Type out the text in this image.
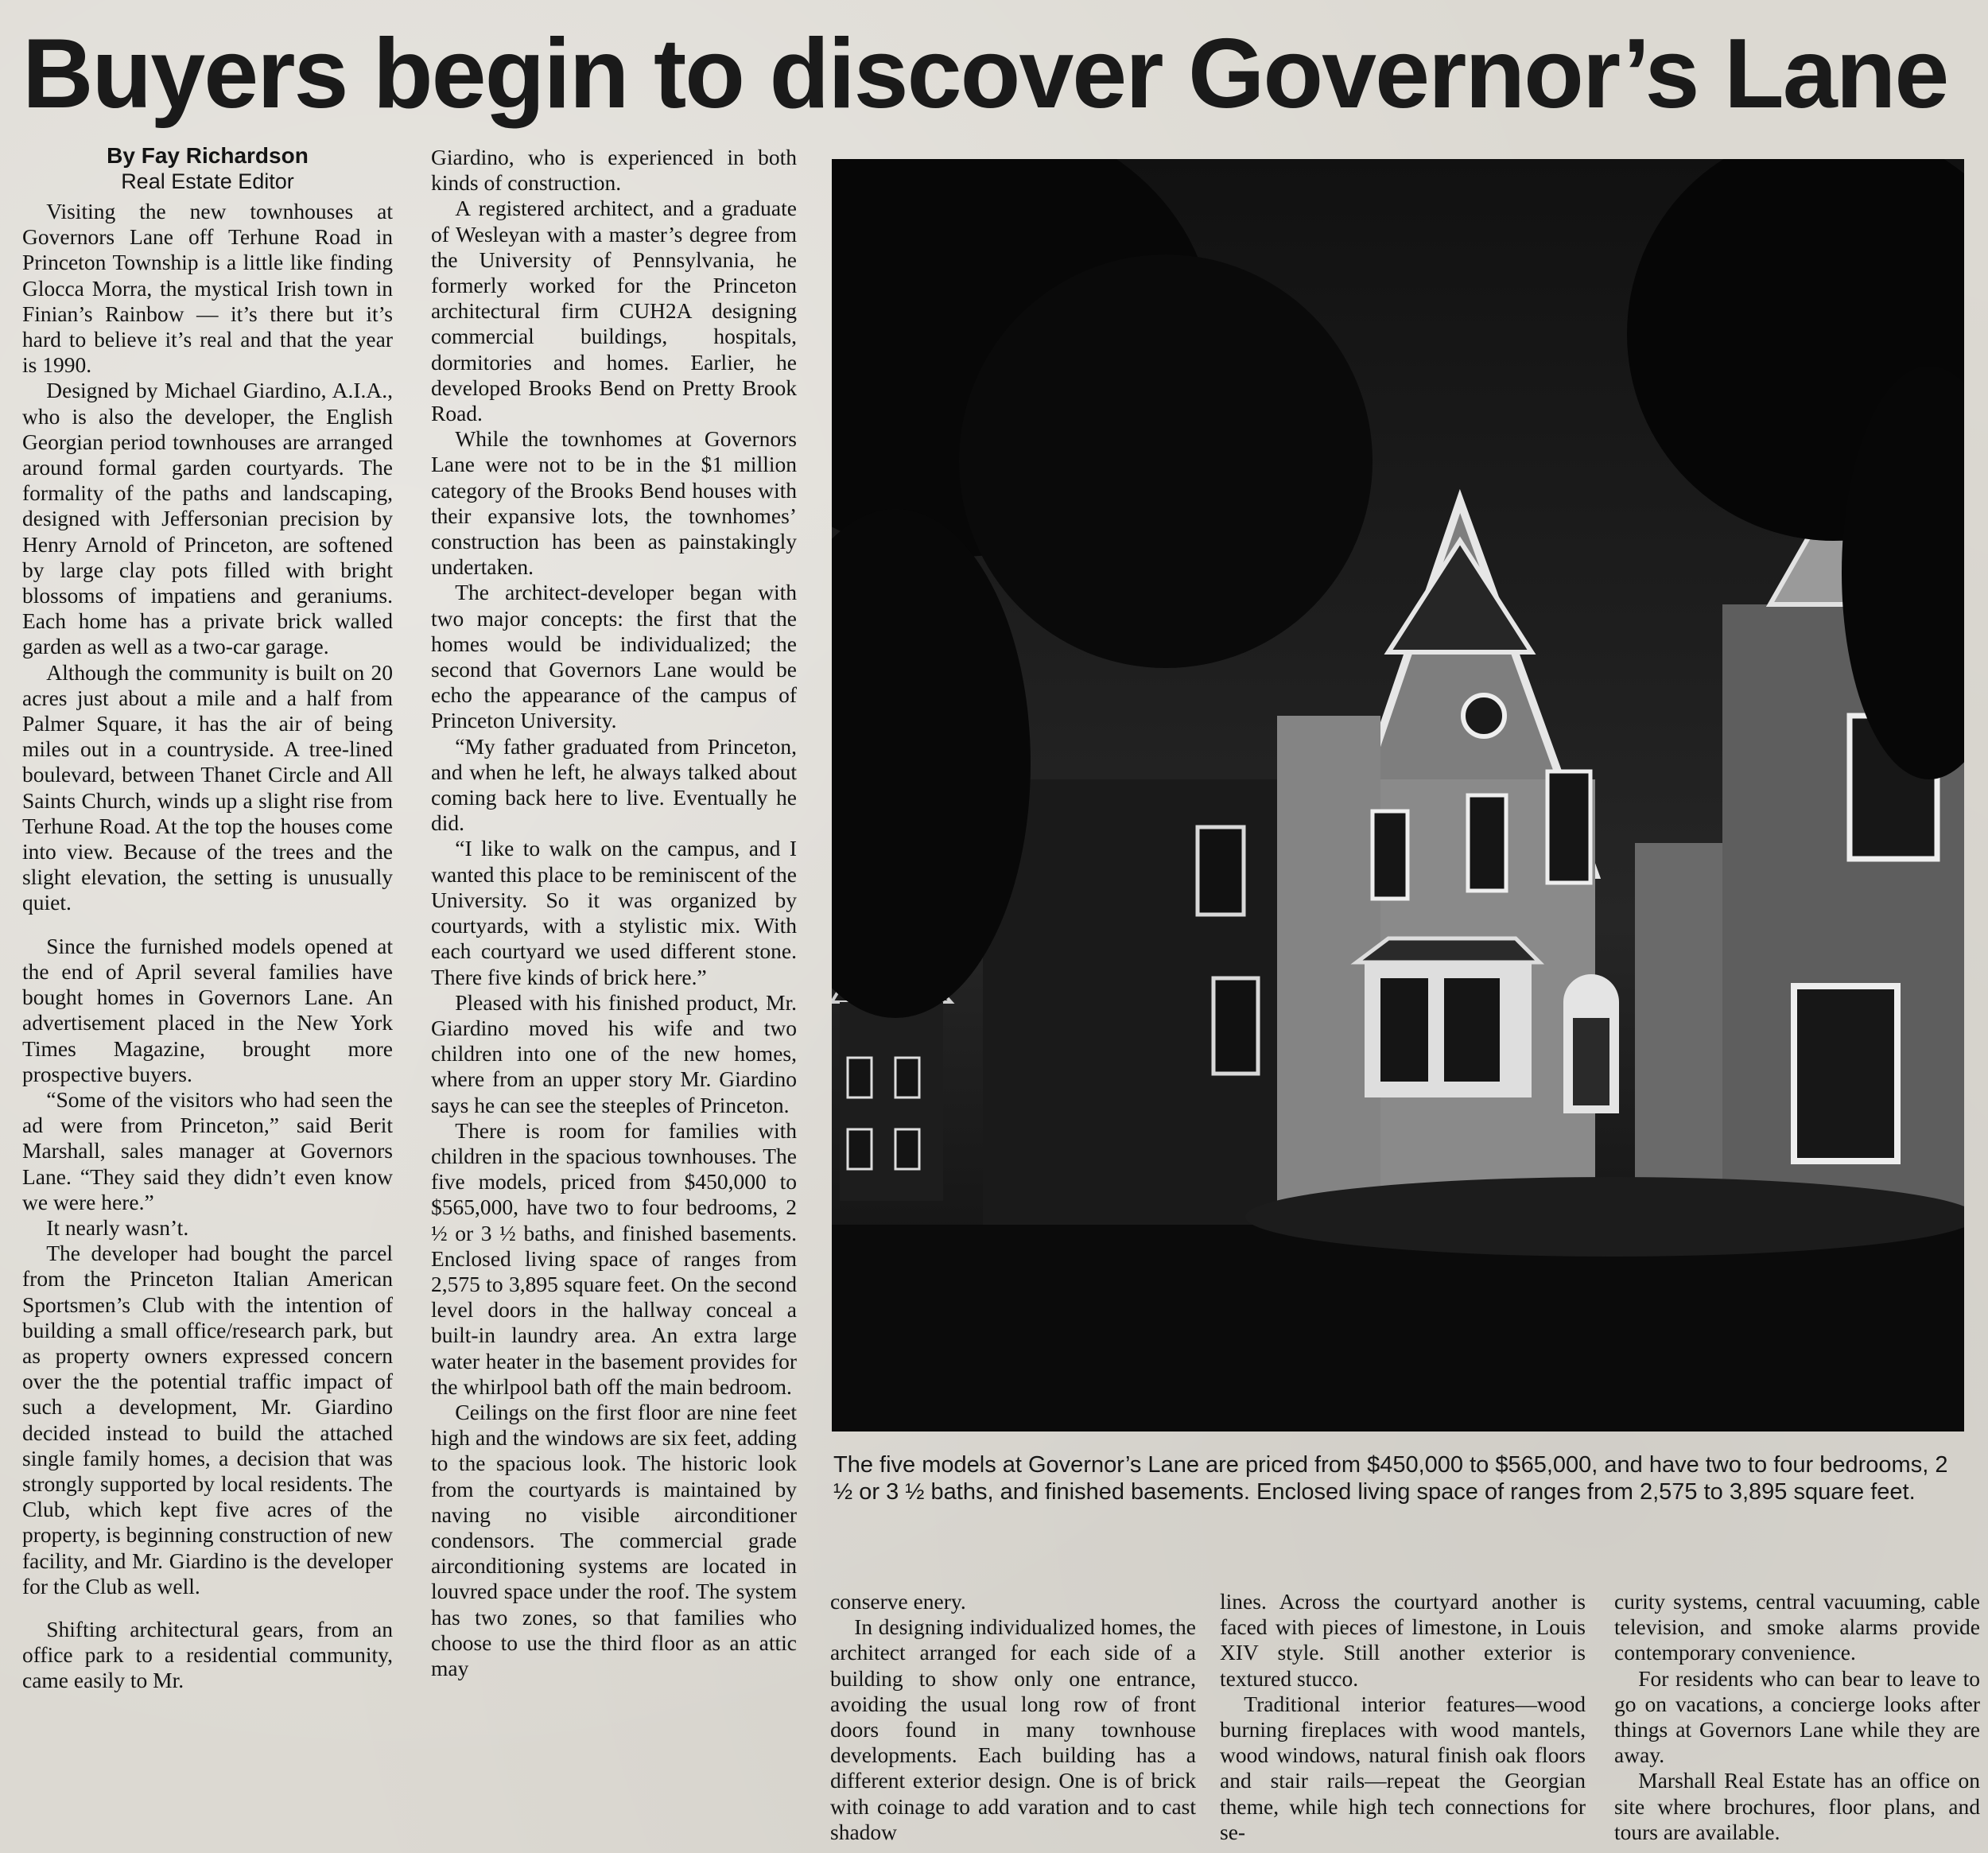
Buyers begin to discover Governor’s Lane
By Fay Richardson
Real Estate Editor

Visiting the new townhouses at Governors Lane off Terhune Road in Princeton Township is a little like finding Glocca Morra, the mystical Irish town in Finian’s Rainbow — it’s there but it’s hard to believe it’s real and that the year is 1990.

Designed by Michael Giardino, A.I.A., who is also the developer, the English Georgian period townhouses are arranged around formal garden courtyards. The formality of the paths and landscaping, designed with Jeffersonian precision by Henry Arnold of Princeton, are softened by large clay pots filled with bright blossoms of impatiens and geraniums. Each home has a private brick walled garden as well as a two-car garage.

Although the community is built on 20 acres just about a mile and a half from Palmer Square, it has the air of being miles out in a countryside. A tree-lined boulevard, between Thanet Circle and All Saints Church, winds up a slight rise from Terhune Road. At the top the houses come into view. Because of the trees and the slight elevation, the setting is unusually quiet.

Since the furnished models opened at the end of April several families have bought homes in Governors Lane. An advertisement placed in the New York Times Magazine, brought more prospective buyers.

“Some of the visitors who had seen the ad were from Princeton,” said Berit Marshall, sales manager at Governors Lane. “They said they didn’t even know we were here.”

It nearly wasn’t.

The developer had bought the parcel from the Princeton Italian American Sportsmen’s Club with the intention of building a small office/research park, but as property owners expressed concern over the the potential traffic impact of such a development, Mr. Giardino decided instead to build the attached single family homes, a decision that was strongly supported by local residents. The Club, which kept five acres of the property, is beginning construction of new facility, and Mr. Giardino is the developer for the Club as well.

Shifting architectural gears, from an office park to a residential community, came easily to Mr.

Giardino, who is experienced in both kinds of construction.

A registered architect, and a graduate of Wesleyan with a master’s degree from the University of Pennsylvania, he formerly worked for the Princeton architectural firm CUH2A designing commercial buildings, hospitals, dormitories and homes. Earlier, he developed Brooks Bend on Pretty Brook Road.

While the townhomes at Governors Lane were not to be in the $1 million category of the Brooks Bend houses with their expansive lots, the townhomes’ construction has been as painstakingly undertaken.

The architect-developer began with two major concepts: the first that the homes would be individualized; the second that Governors Lane would be echo the appearance of the campus of Princeton University.

“My father graduated from Princeton, and when he left, he always talked about coming back here to live. Eventually he did.

“I like to walk on the campus, and I wanted this place to be reminiscent of the University. So it was organized by courtyards, with a stylistic mix. With each courtyard we used different stone. There five kinds of brick here.”

Pleased with his finished product, Mr. Giardino moved his wife and two children into one of the new homes, where from an upper story Mr. Giardino says he can see the steeples of Princeton.

There is room for families with children in the spacious townhouses. The five models, priced from $450,000 to $565,000, have two to four bedrooms, 2 ½ or 3 ½ baths, and finished basements. Enclosed living space of ranges from 2,575 to 3,895 square feet. On the second level doors in the hallway conceal a built-in laundry area. An extra large water heater in the basement provides for the whirlpool bath off the main bedroom.

Ceilings on the first floor are nine feet high and the windows are six feet, adding to the spacious look. The historic look from the courtyards is maintained by naving no visible airconditioner condensors. The commercial grade airconditioning systems are located in louvred space under the roof. The system has two zones, so that families who choose to use the third floor as an attic may

The five models at Governor’s Lane are priced from $450,000 to $565,000, and have two to four bedrooms, 2 ½ or 3 ½ baths, and finished basements. Enclosed living space of ranges from 2,575 to 3,895 square feet.

conserve enery.

In designing individualized homes, the architect arranged for each side of a building to show only one entrance, avoiding the usual long row of front doors found in many townhouse developments. Each building has a different exterior design. One is of brick with coinage to add varation and to cast shadow

lines. Across the courtyard another is faced with pieces of limestone, in Louis XIV style. Still another exterior is textured stucco.

Traditional interior features—wood burning fireplaces with wood mantels, wood windows, natural finish oak floors and stair rails—repeat the Georgian theme, while high tech connections for se-

curity systems, central vacuuming, cable television, and smoke alarms provide contemporary convenience.

For residents who can bear to leave to go on vacations, a concierge looks after things at Governors Lane while they are away.

Marshall Real Estate has an office on site where brochures, floor plans, and tours are available.
